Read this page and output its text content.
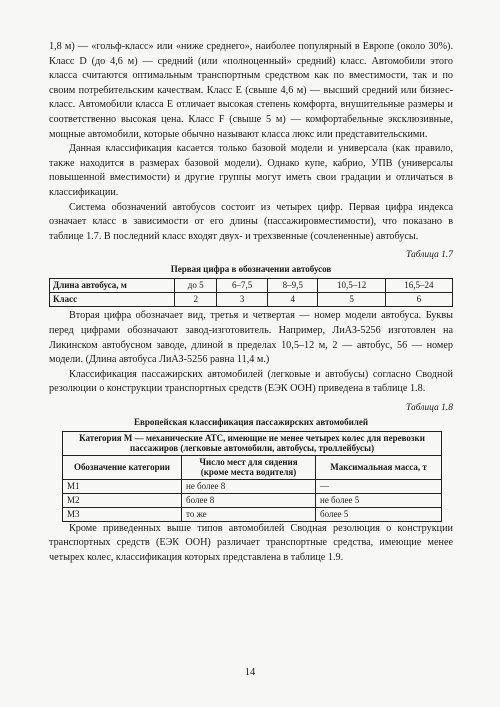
1,8 м) — «гольф-класс» или «ниже среднего», наиболее популярный в Европе (около 30%). Класс D (до 4,6 м) — средний (или «полноценный» средний) класс. Автомобили этого класса считаются оптимальным транспортным средством как по вместимости, так и по своим потребительским качествам. Класс E (свыше 4,6 м) — высший средний или бизнес-класс. Автомобили класса E отличает высокая степень комфорта, внушительные размеры и соответственно высокая цена. Класс F (свыше 5 м) — комфортабельные эксклюзивные, мощные автомобили, которые обычно называют класса люкс или представительскими.

Данная классификация касается только базовой модели и универсала (как правило, также находится в размерах базовой модели). Однако купе, кабрио, УПВ (универсалы повышенной вместимости) и другие группы могут иметь свои градации и отличаться в классификации.

Система обозначений автобусов состоит из четырех цифр. Первая цифра индекса означает класс в зависимости от его длины (пассажировместимости), что показано в таблице 1.7. В последний класс входят двух- и трехзвенные (сочлененные) автобусы.

Таблица 1.7
Первая цифра в обозначении автобусов
Длина автобуса, м	до 5	6–7,5	8–9,5	10,5–12	16,5–24
Класс	2	3	4	5	6

Вторая цифра обозначает вид, третья и четвертая — номер модели автобуса. Буквы перед цифрами обозначают завод-изготовитель. Например, ЛиАЗ-5256 изготовлен на Ликинском автобусном заводе, длиной в пределах 10,5–12 м, 2 — автобус, 56 — номер модели. (Длина автобуса ЛиАЗ-5256 равна 11,4 м.)

Классификация пассажирских автомобилей (легковые и автобусы) согласно Сводной резолюции о конструкции транспортных средств (ЕЭК ООН) приведена в таблице 1.8.

Таблица 1.8
Европейская классификация пассажирских автомобилей
Категория M — механические АТС, имеющие не менее четырех колес для перевозки пассажиров (легковые автомобили, автобусы, троллейбусы)		
Обозначение категории	Число мест для сидения (кроме места водителя)	Максимальная масса, т
M1	не более 8	—
M2	более 8	не более 5
M3	то же	более 5

Кроме приведенных выше типов автомобилей Сводная резолюция о конструкции транспортных средств (ЕЭК ООН) различает транспортные средства, имеющие менее четырех колес, классификация которых представлена в таблице 1.9.

14
